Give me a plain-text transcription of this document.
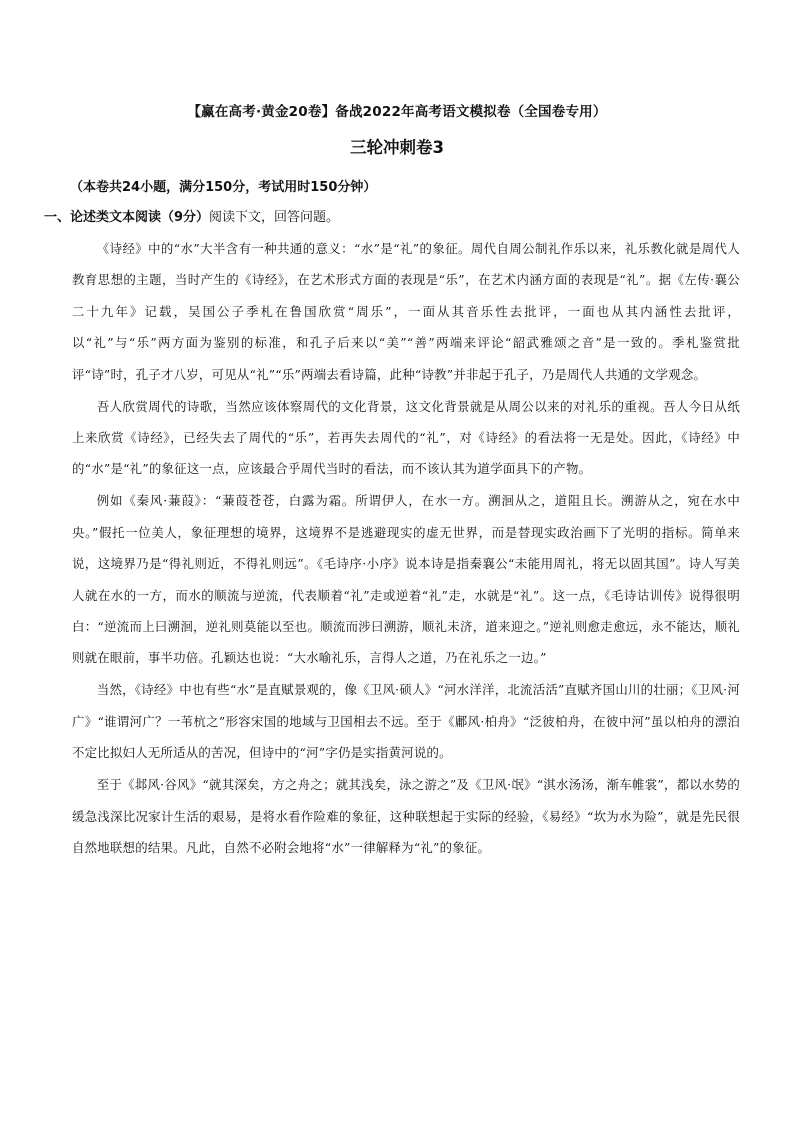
【赢在高考·黄金20卷】备战2022年高考语文模拟卷（全国卷专用）
三轮冲刺卷3
（本卷共24小题，满分150分，考试用时150分钟）
一、论述类文本阅读（9分）阅读下文，回答问题。

《诗经》中的“水”大半含有一种共通的意义：“水”是“礼”的象征。周代自周公制礼作乐以来，礼乐教化就是周代人教育思想的主题，当时产生的《诗经》，在艺术形式方面的表现是“乐”，在艺术内涵方面的表现是“礼”。据《左传·襄公二十九年》记载，吴国公子季札在鲁国欣赏“周乐”，一面从其音乐性去批评，一面也从其内涵性去批评，以“礼”与“乐”两方面为鉴别的标准，和孔子后来以“美”“善”两端来评论“韶武雅颂之音”是一致的。季札鉴赏批评“诗”时，孔子才八岁，可见从“礼”“乐”两端去看诗篇，此种“诗教”并非起于孔子，乃是周代人共通的文学观念。

吾人欣赏周代的诗歌，当然应该体察周代的文化背景，这文化背景就是从周公以来的对礼乐的重视。吾人今日从纸上来欣赏《诗经》，已经失去了周代的“乐”，若再失去周代的“礼”，对《诗经》的看法将一无是处。因此，《诗经》中的“水”是“礼”的象征这一点，应该最合乎周代当时的看法，而不该认其为道学面具下的产物。

例如《秦风·蒹葭》：“蒹葭苍苍，白露为霜。所谓伊人，在水一方。溯洄从之，道阻且长。溯游从之，宛在水中央。”假托一位美人，象征理想的境界，这境界不是逃避现实的虚无世界，而是替现实政治画下了光明的指标。简单来说，这境界乃是“得礼则近，不得礼则远”。《毛诗序·小序》说本诗是指秦襄公“未能用周礼，将无以固其国”。诗人写美人就在水的一方，而水的顺流与逆流，代表顺着“礼”走或逆着“礼”走，水就是“礼”。这一点，《毛诗诂训传》说得很明白：“逆流而上曰溯洄，逆礼则莫能以至也。顺流而涉曰溯游，顺礼未济，道来迎之。”逆礼则愈走愈远，永不能达，顺礼则就在眼前，事半功倍。孔颖达也说：“大水喻礼乐，言得人之道，乃在礼乐之一边。”

当然，《诗经》中也有些“水”是直赋景观的，像《卫风·硕人》“河水洋洋，北流活活”直赋齐国山川的壮丽；《卫风·河广》“谁谓河广？一苇杭之”形容宋国的地域与卫国相去不远。至于《鄘风·柏舟》“泛彼柏舟，在彼中河”虽以柏舟的漂泊不定比拟妇人无所适从的苦况，但诗中的“河”字仍是实指黄河说的。

至于《邶风·谷风》“就其深矣，方之舟之；就其浅矣，泳之游之”及《卫风·氓》“淇水汤汤，渐车帷裳”，都以水势的缓急浅深比况家计生活的艰易，是将水看作险难的象征，这种联想起于实际的经验，《易经》“坎为水为险”，就是先民很自然地联想的结果。凡此，自然不必附会地将“水”一律解释为“礼”的象征。
